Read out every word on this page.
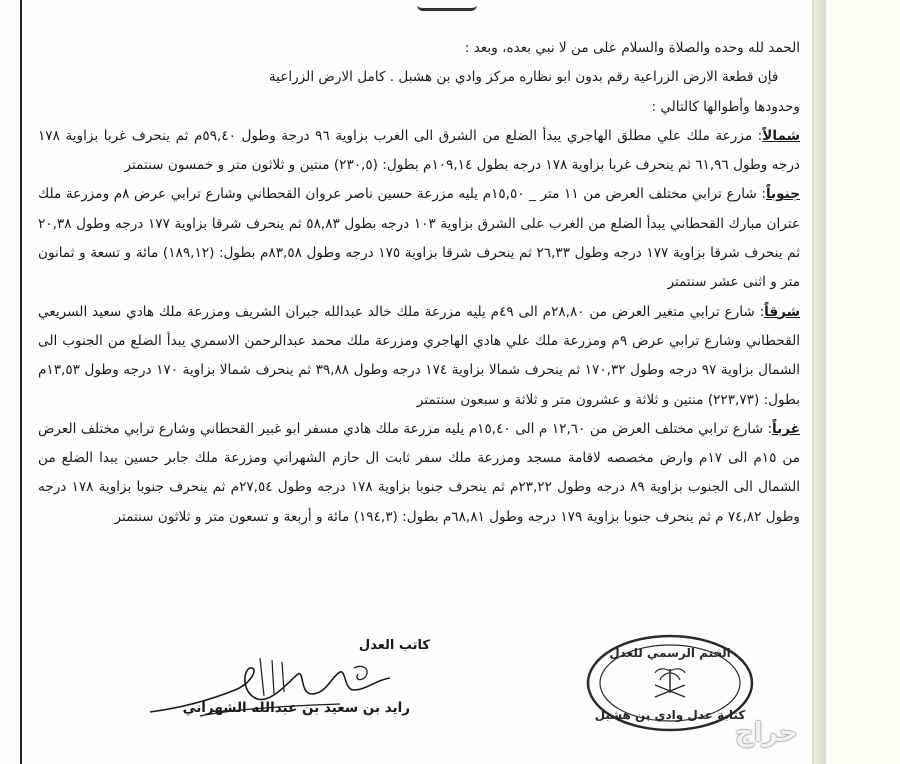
الحمد لله وحده والصلاة والسلام على من لا نبي بعده، وبعد :

فإن قطعة الارض الزراعية رقم بدون ابو نظاره مركز وادي بن هشبل . كامل الارض الزراعية

وحدودها وأطوالها كالتالي :

شمالاً: مزرعة ملك علي مطلق الهاجري يبدأ الضلع من الشرق الى الغرب بزاوية ٩٦ درجة وطول ٥٩,٤٠م ثم ينحرف غربا بزاوية ١٧٨ درجه وطول ٦١,٩٦ ثم ينحرف غربا بزاوية ١٧٨ درجه بطول ١٠٩,١٤م بطول: (٢٣٠,٥) منتين و ثلاثون متر و خمسون سنتمتر

جنوباً: شارع ترابي مختلف العرض من ١١ متر _ ١٥,٥٠م يليه مزرعة حسين ناصر عروان القحطاني وشارع ترابي عرض ٨م ومزرعة ملك عتران مبارك القحطاني يبدأ الضلع من الغرب على الشرق بزاوية ١٠٣ درجه بطول ٥٨,٨٣ ثم ينحرف شرقا بزاوية ١٧٧ درجه وطول ٢٠,٣٨ ثم ينحرف شرقا بزاوية ١٧٧ درجه وطول ٢٦,٣٣ ثم ينحرف شرقا بزاوية ١٧٥ درجه وطول ٨٣,٥٨م بطول: (١٨٩,١٢) مائة و تسعة و ثمانون متر و اثنى عشر سنتمتر

شرقاً: شارع ترابي متغير العرض من ٢٨,٨٠م الى ٤٩م يليه مزرعة ملك خالد عبدالله جبران الشريف ومزرعة ملك هادي سعيد السريعي القحطاني وشارع ترابي عرض ٩م ومزرعة ملك علي هادي الهاجري ومزرعة ملك محمد عبدالرحمن الاسمري يبدأ الضلع من الجنوب الى الشمال بزاوية ٩٧ درجه وطول ١٧٠,٣٢ ثم ينحرف شمالا بزاوية ١٧٤ درجه وطول ٣٩,٨٨ ثم ينحرف شمالا بزاوية ١٧٠ درجه وطول ١٣,٥٣م بطول: (٢٢٣,٧٣) منتين و ثلاثة و عشرون متر و ثلاثة و سبعون سنتمتر

غرباً: شارع ترابي مختلف العرض من ١٢,٦٠ م الى ١٥,٤٠م يليه مزرعة ملك هادي مسفر ابو غبير القحطاني وشارع ترابي مختلف العرض من ١٥م الى ١٧م وارض مخصصه لاقامة مسجد ومزرعة ملك سفر ثابت ال حازم الشهراني ومزرعة ملك جابر حسين يبدا الضلع من الشمال الى الجنوب بزاوية ٨٩ درجه وطول ٢٣,٢٢م ثم ينحرف جنوبا بزاوية ١٧٨ درجه وطول ٢٧,٥٤م ثم ينحرف جنوبا بزاوية ١٧٨ درجه وطول ٧٤,٨٢ م ثم ينحرف جنوبا بزاوية ١٧٩ درجه وطول ٦٨,٨١م بطول: (١٩٤,٣) مائة و أربعة و تسعون متر و ثلاثون سنتمتر

كاتب العدل
رايد بن سعيد بن عبدالله الشهراني
الختم الرسمي للعدل
كتابة عدل وادي بن هشبل
حراج
